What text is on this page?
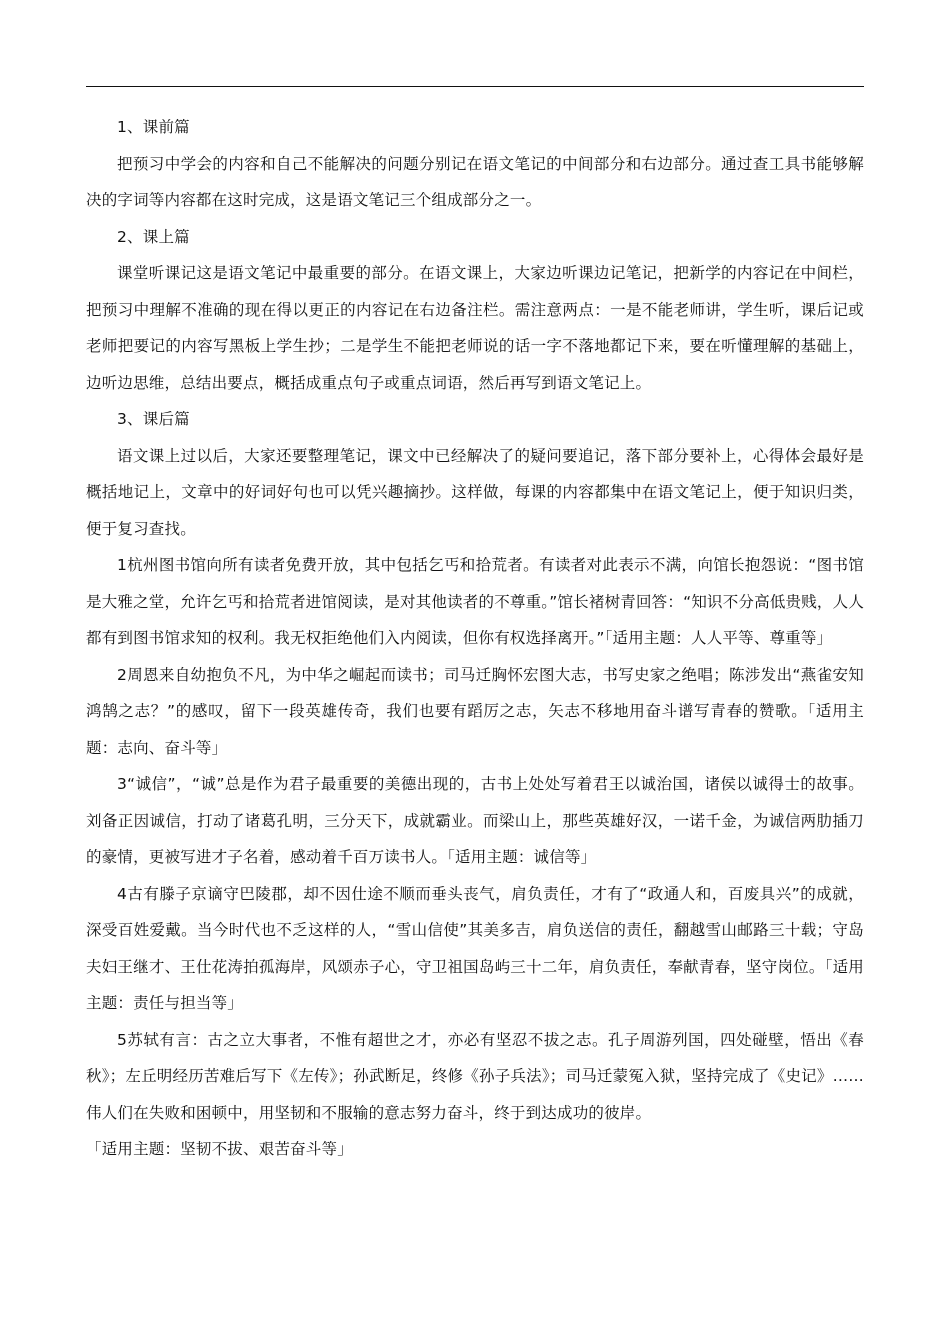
1、课前篇

把预习中学会的内容和自己不能解决的问题分别记在语文笔记的中间部分和右边部分。通过查工具书能够解决的字词等内容都在这时完成，这是语文笔记三个组成部分之一。

2、课上篇

课堂听课记这是语文笔记中最重要的部分。在语文课上，大家边听课边记笔记，把新学的内容记在中间栏，把预习中理解不准确的现在得以更正的内容记在右边备注栏。需注意两点：一是不能老师讲，学生听，课后记或老师把要记的内容写黑板上学生抄；二是学生不能把老师说的话一字不落地都记下来，要在听懂理解的基础上，边听边思维，总结出要点，概括成重点句子或重点词语，然后再写到语文笔记上。

3、课后篇

语文课上过以后，大家还要整理笔记，课文中已经解决了的疑问要追记，落下部分要补上，心得体会最好是概括地记上，文章中的好词好句也可以凭兴趣摘抄。这样做，每课的内容都集中在语文笔记上，便于知识归类，便于复习查找。

1杭州图书馆向所有读者免费开放，其中包括乞丐和拾荒者。有读者对此表示不满，向馆长抱怨说：“图书馆是大雅之堂，允许乞丐和拾荒者进馆阅读，是对其他读者的不尊重。”馆长褚树青回答：“知识不分高低贵贱，人人都有到图书馆求知的权利。我无权拒绝他们入内阅读，但你有权选择离开。”「适用主题：人人平等、尊重等」

2周恩来自幼抱负不凡，为中华之崛起而读书；司马迁胸怀宏图大志，书写史家之绝唱；陈涉发出“燕雀安知鸿鹄之志？”的感叹，留下一段英雄传奇，我们也要有蹈厉之志，矢志不移地用奋斗谱写青春的赞歌。「适用主题：志向、奋斗等」

3“诚信”，“诚”总是作为君子最重要的美德出现的，古书上处处写着君王以诚治国，诸侯以诚得士的故事。刘备正因诚信，打动了诸葛孔明，三分天下，成就霸业。而梁山上，那些英雄好汉，一诺千金，为诚信两肋插刀的豪情，更被写进才子名着，感动着千百万读书人。「适用主题：诚信等」

4古有滕子京谪守巴陵郡，却不因仕途不顺而垂头丧气，肩负责任，才有了“政通人和，百废具兴”的成就，深受百姓爱戴。当今时代也不乏这样的人，“雪山信使”其美多吉，肩负送信的责任，翻越雪山邮路三十载；守岛夫妇王继才、王仕花涛拍孤海岸，风颂赤子心，守卫祖国岛屿三十二年，肩负责任，奉献青春，坚守岗位。「适用主题：责任与担当等」

5苏轼有言：古之立大事者，不惟有超世之才，亦必有坚忍不拔之志。孔子周游列国，四处碰壁，悟出《春秋》；左丘明经历苦难后写下《左传》；孙武断足，终修《孙子兵法》；司马迁蒙冤入狱，坚持完成了《史记》……伟人们在失败和困顿中，用坚韧和不服输的意志努力奋斗，终于到达成功的彼岸。

「适用主题：坚韧不拔、艰苦奋斗等」
